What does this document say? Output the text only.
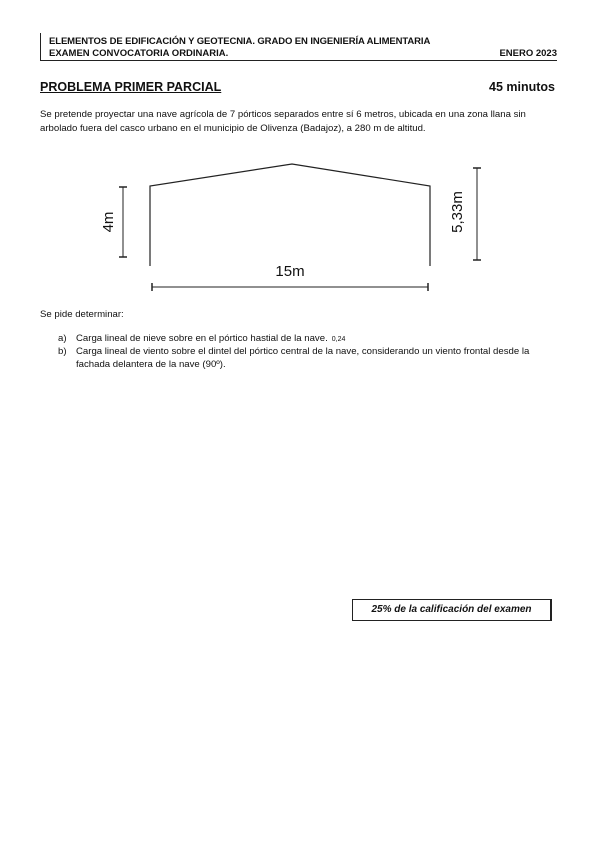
ELEMENTOS DE EDIFICACIÓN Y GEOTECNIA. GRADO EN INGENIERÍA ALIMENTARIA
EXAMEN CONVOCATORIA ORDINARIA.	ENERO 2023
PROBLEMA PRIMER PARCIAL	45 minutos
Se pretende proyectar una nave agrícola de 7 pórticos separados entre sí 6 metros, ubicada en una zona llana sin arbolado fuera del casco urbano en el municipio de Olivenza (Badajoz), a 280 m de altitud.
4m	5,33m
15m
Se pide determinar:
a) Carga lineal de nieve sobre en el pórtico hastial de la nave. 0,24
b) Carga lineal de viento sobre el dintel del pórtico central de la nave, considerando un viento frontal desde la fachada delantera de la nave (90º).
25% de la calificación del examen
